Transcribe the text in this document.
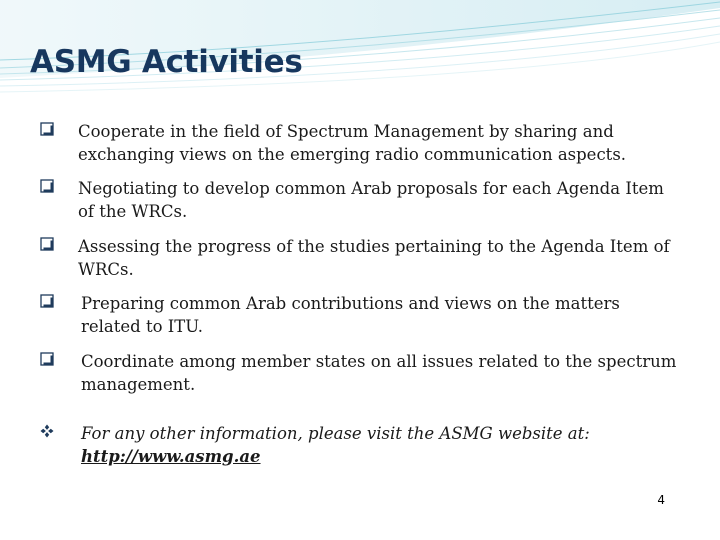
ASMG Activities
Cooperate in the field of Spectrum Management by sharing and exchanging views on the emerging radio communication aspects.
Negotiating to develop common Arab proposals for each Agenda Item of the WRCs.
Assessing the progress of the studies pertaining to the Agenda Item of WRCs.
Preparing common Arab contributions and views on the matters related to ITU.
Coordinate among member states on all issues related to the spectrum management.
For any other information, please visit the ASMG website at:
http://www.asmg.ae
4
